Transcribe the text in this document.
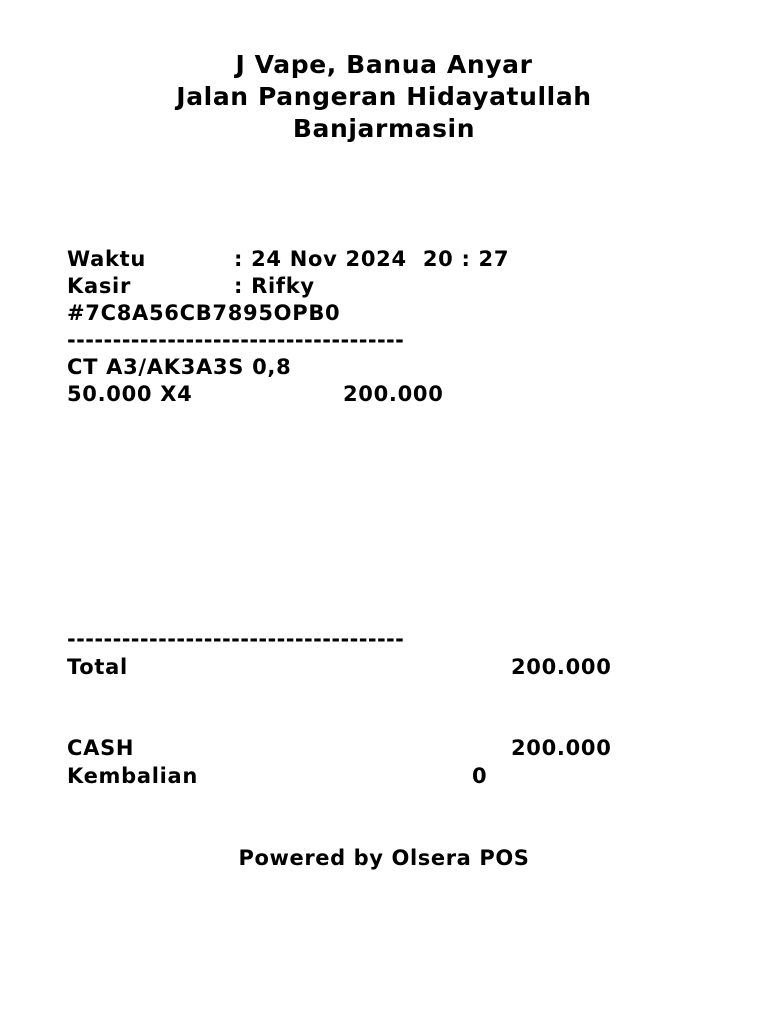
J Vape, Banua Anyar
Jalan Pangeran Hidayatullah
Banjarmasin
Waktu	: 24 Nov 2024  20 : 27
Kasir	: Rifky
#7C8A56CB7895OPB0
-------------------------------------
CT A3/AK3A3S 0,8
50.000 X4	200.000
-------------------------------------
Total	200.000
CASH	200.000
Kembalian	0
Powered by Olsera POS
